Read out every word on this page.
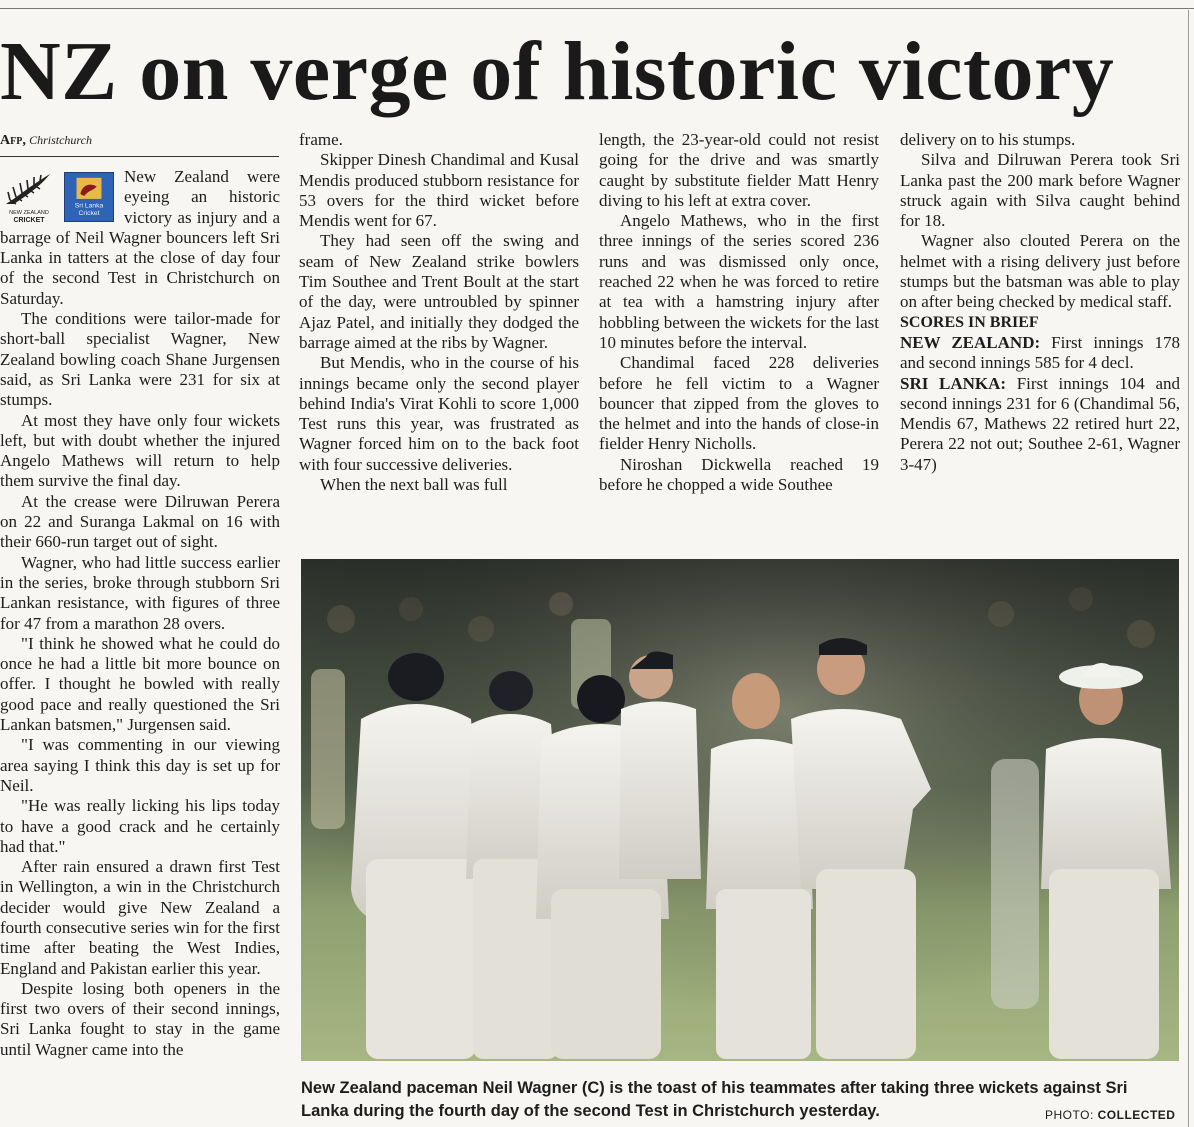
NZ on verge of historic victory
Afp, Christchurch
NEW ZEALAND
CRICKET
Sri Lanka
Cricket

New Zealand were eyeing an historic victory as injury and a barrage of Neil Wagner bouncers left Sri Lanka in tatters at the close of day four of the second Test in Christchurch on Saturday.

The conditions were tailor-made for short-ball specialist Wagner, New Zealand bowling coach Shane Jurgensen said, as Sri Lanka were 231 for six at stumps.

At most they have only four wickets left, but with doubt whether the injured Angelo Mathews will return to help them survive the final day.

At the crease were Dilruwan Perera on 22 and Suranga Lakmal on 16 with their 660-run target out of sight.

Wagner, who had little success earlier in the series, broke through stubborn Sri Lankan resistance, with figures of three for 47 from a marathon 28 overs.

"I think he showed what he could do once he had a little bit more bounce on offer. I thought he bowled with really good pace and really questioned the Sri Lankan batsmen," Jurgensen said.

"I was commenting in our viewing area saying I think this day is set up for Neil.

"He was really licking his lips today to have a good crack and he certainly had that."

After rain ensured a drawn first Test in Wellington, a win in the Christchurch decider would give New Zealand a fourth consecutive series win for the first time after beating the West Indies, England and Pakistan earlier this year.

Despite losing both openers in the first two overs of their second innings, Sri Lanka fought to stay in the game until Wagner came into the

frame.

Skipper Dinesh Chandimal and Kusal Mendis produced stubborn resistance for 53 overs for the third wicket before Mendis went for 67.

They had seen off the swing and seam of New Zealand strike bowlers Tim Southee and Trent Boult at the start of the day, were untroubled by spinner Ajaz Patel, and initially they dodged the barrage aimed at the ribs by Wagner.

But Mendis, who in the course of his innings became only the second player behind India's Virat Kohli to score 1,000 Test runs this year, was frustrated as Wagner forced him on to the back foot with four successive deliveries.

When the next ball was full

length, the 23-year-old could not resist going for the drive and was smartly caught by substitute fielder Matt Henry diving to his left at extra cover.

Angelo Mathews, who in the first three innings of the series scored 236 runs and was dismissed only once, reached 22 when he was forced to retire at tea with a hamstring injury after hobbling between the wickets for the last 10 minutes before the interval.

Chandimal faced 228 deliveries before he fell victim to a Wagner bouncer that zipped from the gloves to the helmet and into the hands of close-in fielder Henry Nicholls.

Niroshan Dickwella reached 19 before he chopped a wide Southee

delivery on to his stumps.

Silva and Dilruwan Perera took Sri Lanka past the 200 mark before Wagner struck again with Silva caught behind for 18.

Wagner also clouted Perera on the helmet with a rising delivery just before stumps but the batsman was able to play on after being checked by medical staff.

SCORES IN BRIEF

NEW ZEALAND: First innings 178 and second innings 585 for 4 decl.

SRI LANKA: First innings 104 and second innings 231 for 6 (Chandimal 56, Mendis 67, Mathews 22 retired hurt 22, Perera 22 not out; Southee 2-61, Wagner 3-47)

New Zealand paceman Neil Wagner (C) is the toast of his teammates after taking three wickets against Sri Lanka during the fourth day of the second Test in Christchurch yesterday.	PHOTO: COLLECTED
